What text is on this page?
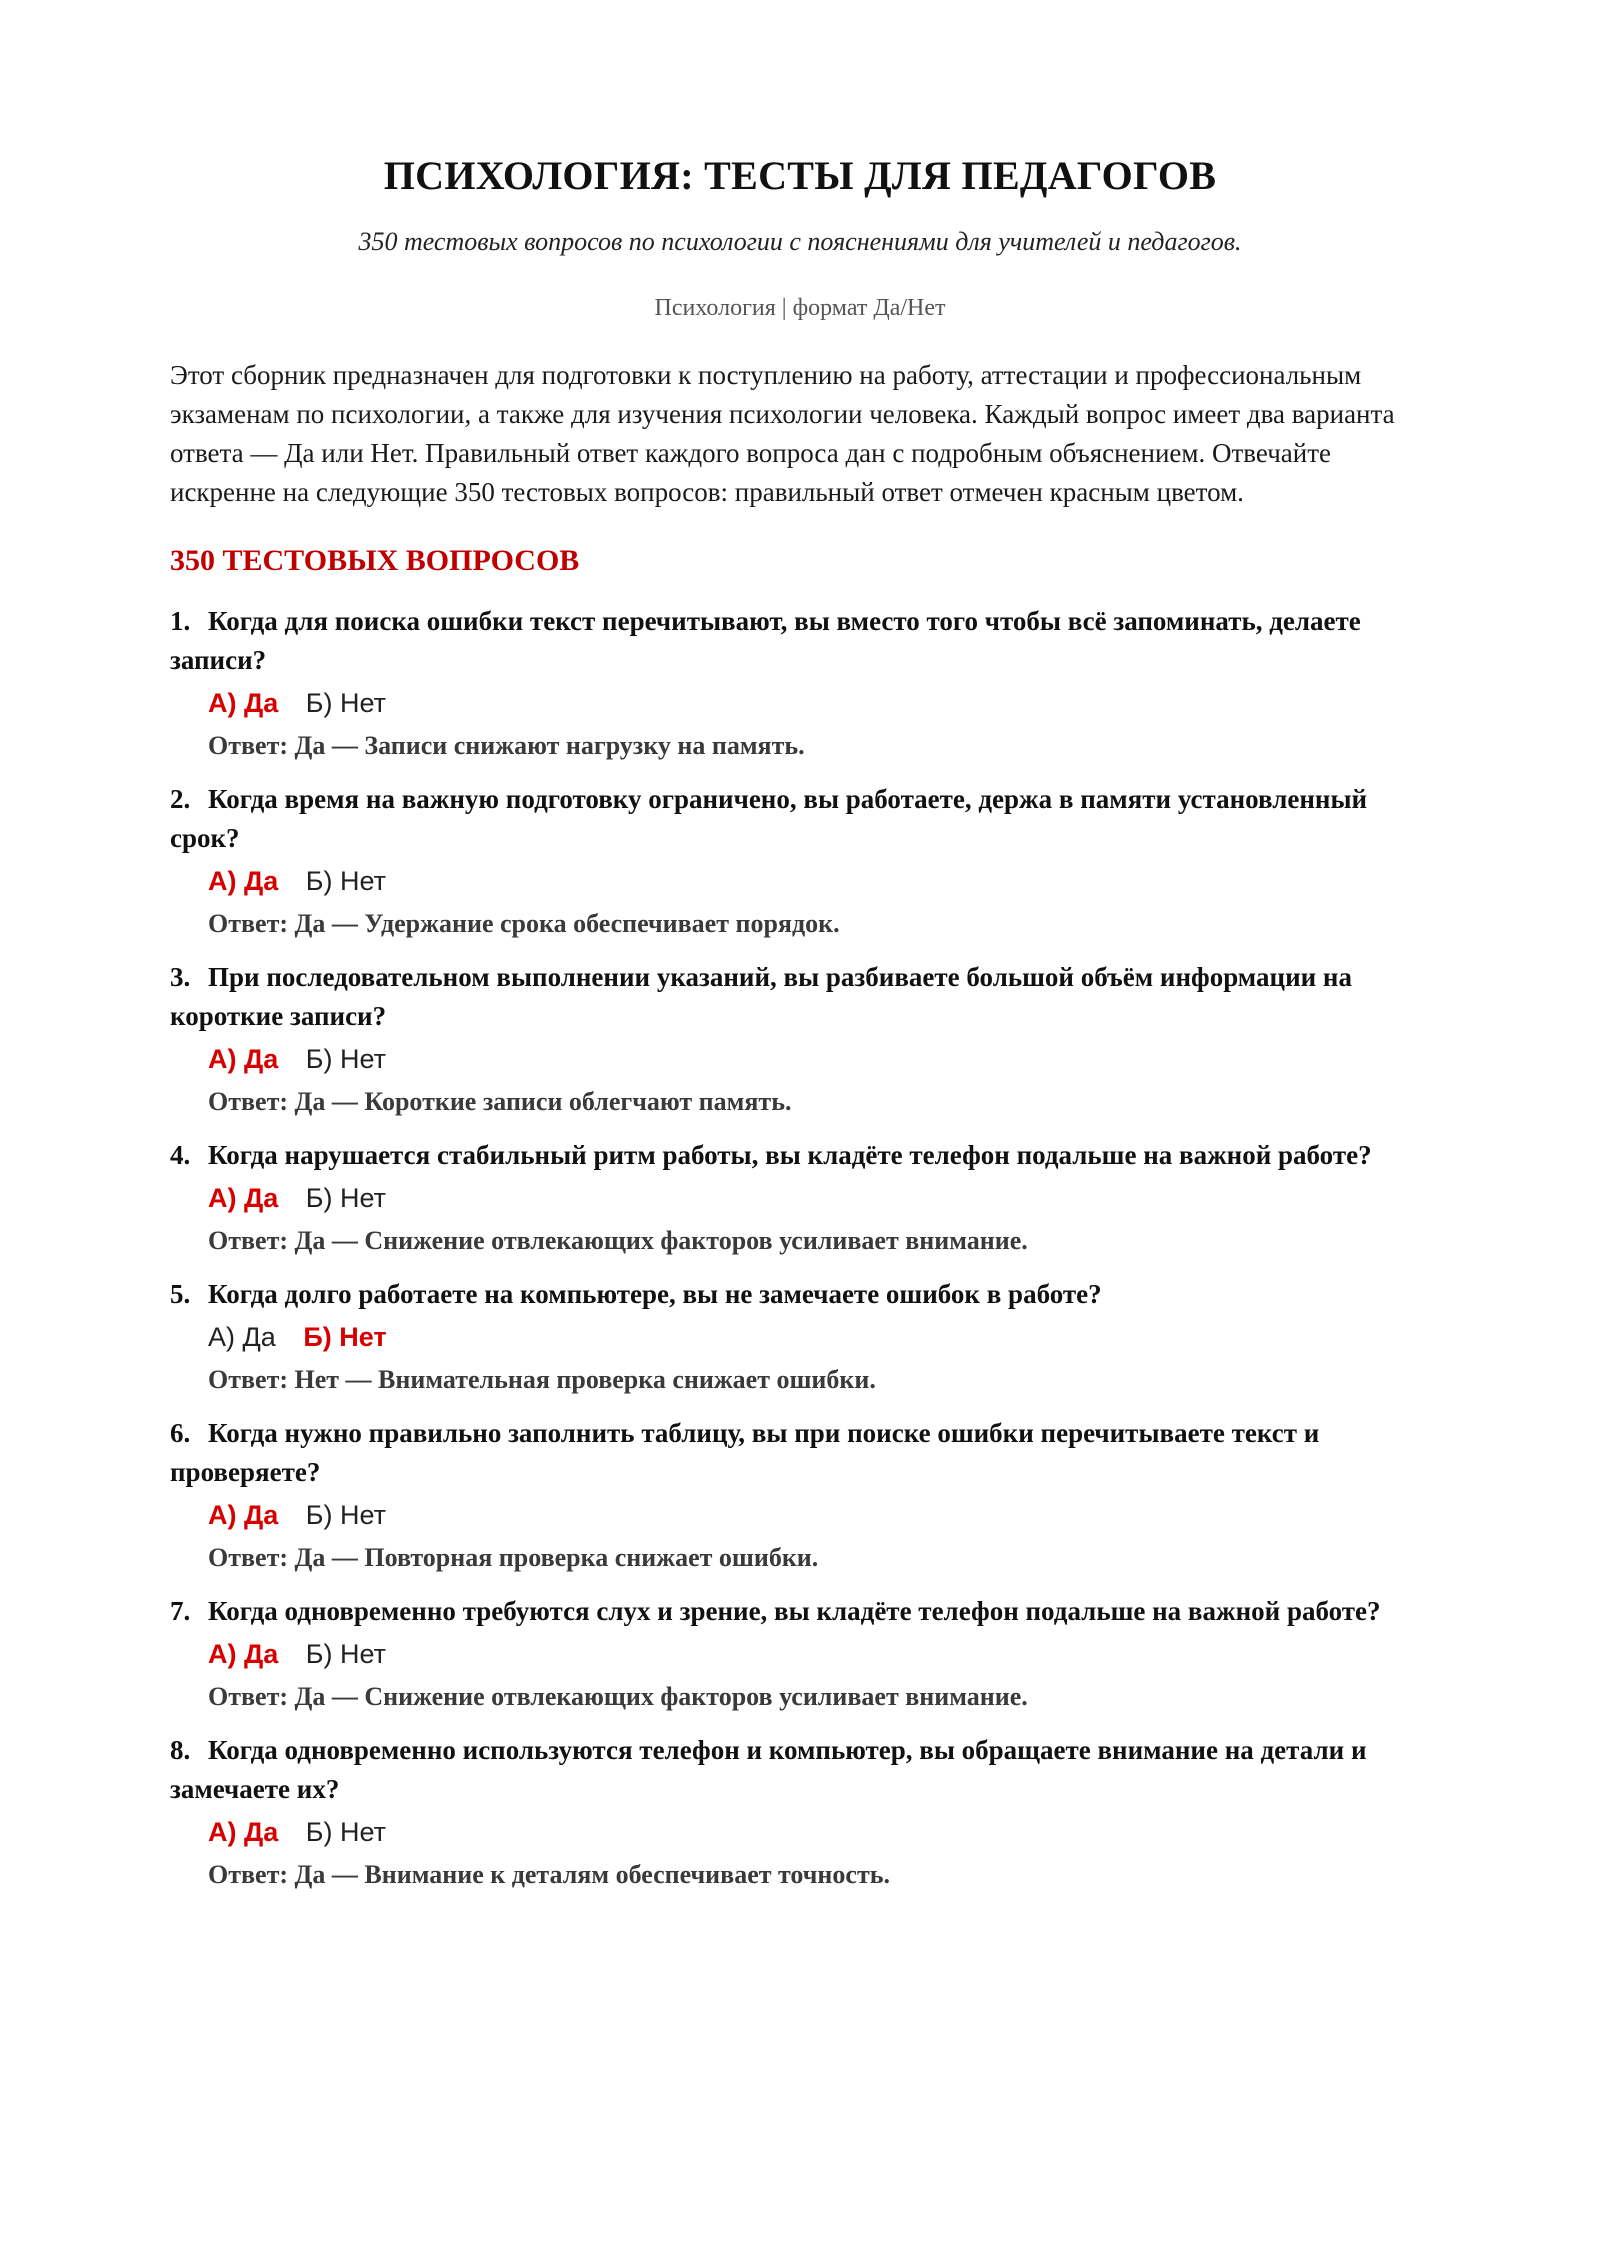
ПСИХОЛОГИЯ: ТЕСТЫ ДЛЯ ПЕДАГОГОВ

350 тестовых вопросов по психологии с пояснениями для учителей и педагогов.

Психология | формат Да/Нет

Этот сборник предназначен для подготовки к поступлению на работу, аттестации и профессиональным экзаменам по психологии, а также для изучения психологии человека. Каждый вопрос имеет два варианта ответа — Да или Нет. Правильный ответ каждого вопроса дан с подробным объяснением. Отвечайте искренне на следующие 350 тестовых вопросов: правильный ответ отмечен красным цветом.

350 ТЕСТОВЫХ ВОПРОСОВ
1. Когда для поиска ошибки текст перечитывают, вы вместо того чтобы всё запоминать, делаете записи?
А) Да Б) Нет
Ответ: Да — Записи снижают нагрузку на память.
2. Когда время на важную подготовку ограничено, вы работаете, держа в памяти установленный срок?
А) Да Б) Нет
Ответ: Да — Удержание срока обеспечивает порядок.
3. При последовательном выполнении указаний, вы разбиваете большой объём информации на короткие записи?
А) Да Б) Нет
Ответ: Да — Короткие записи облегчают память.
4. Когда нарушается стабильный ритм работы, вы кладёте телефон подальше на важной работе?
А) Да Б) Нет
Ответ: Да — Снижение отвлекающих факторов усиливает внимание.
5. Когда долго работаете на компьютере, вы не замечаете ошибок в работе?
А) Да Б) Нет
Ответ: Нет — Внимательная проверка снижает ошибки.
6. Когда нужно правильно заполнить таблицу, вы при поиске ошибки перечитываете текст и проверяете?
А) Да Б) Нет
Ответ: Да — Повторная проверка снижает ошибки.
7. Когда одновременно требуются слух и зрение, вы кладёте телефон подальше на важной работе?
А) Да Б) Нет
Ответ: Да — Снижение отвлекающих факторов усиливает внимание.
8. Когда одновременно используются телефон и компьютер, вы обращаете внимание на детали и замечаете их?
А) Да Б) Нет
Ответ: Да — Внимание к деталям обеспечивает точность.
